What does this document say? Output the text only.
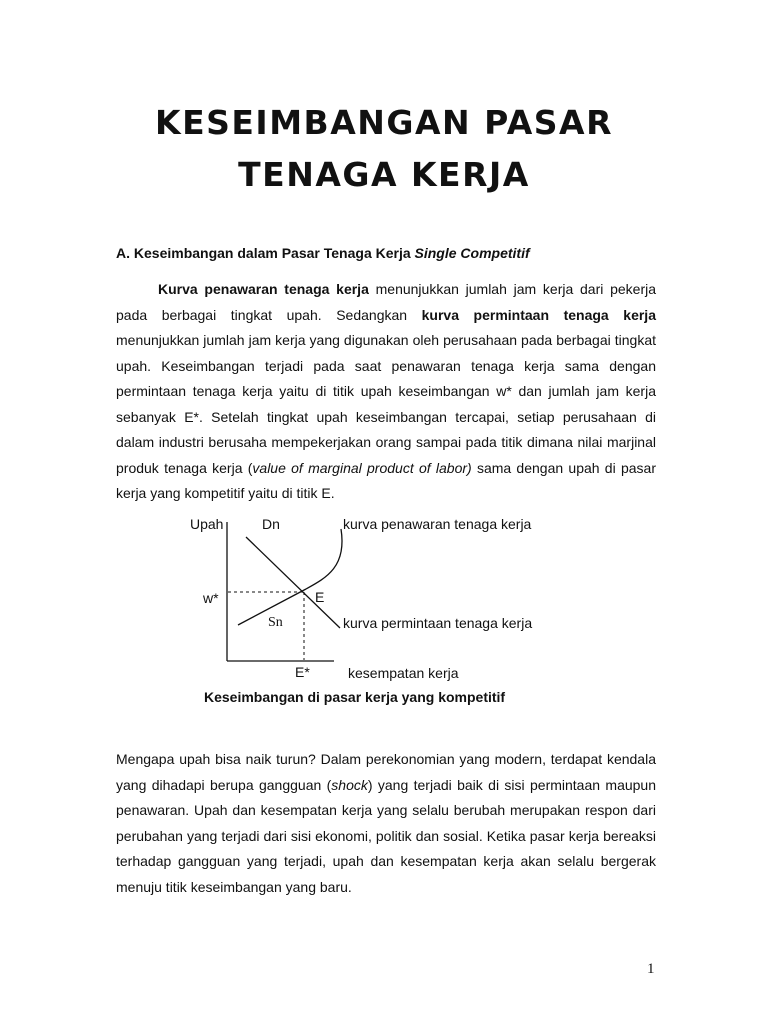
KESEIMBANGAN PASAR
TENAGA KERJA
A. Keseimbangan dalam Pasar Tenaga Kerja Single Competitif

Kurva penawaran tenaga kerja menunjukkan jumlah jam kerja dari pekerja pada berbagai tingkat upah. Sedangkan kurva permintaan tenaga kerja menunjukkan jumlah jam kerja yang digunakan oleh perusahaan pada berbagai tingkat upah. Keseimbangan terjadi pada saat penawaran tenaga kerja sama dengan permintaan tenaga kerja yaitu di titik upah keseimbangan w* dan jumlah jam kerja sebanyak E*. Setelah tingkat upah keseimbangan tercapai, setiap perusahaan di dalam industri berusaha mempekerjakan orang sampai pada titik dimana nilai marjinal produk tenaga kerja (value of marginal product of labor) sama dengan upah di pasar kerja yang kompetitif yaitu di titik E.

Upah	Dn	kurva penawaran tenaga kerja
w*	E
Sn	kurva permintaan tenaga kerja
E*	kesempatan kerja
Keseimbangan di pasar kerja yang kompetitif

Mengapa upah bisa naik turun? Dalam perekonomian yang modern, terdapat kendala yang dihadapi berupa gangguan (shock) yang terjadi baik di sisi permintaan maupun penawaran. Upah dan kesempatan kerja yang selalu berubah merupakan respon dari perubahan yang terjadi dari sisi ekonomi, politik dan sosial. Ketika pasar kerja bereaksi terhadap gangguan yang terjadi, upah dan kesempatan kerja akan selalu bergerak menuju titik keseimbangan yang baru.

1
